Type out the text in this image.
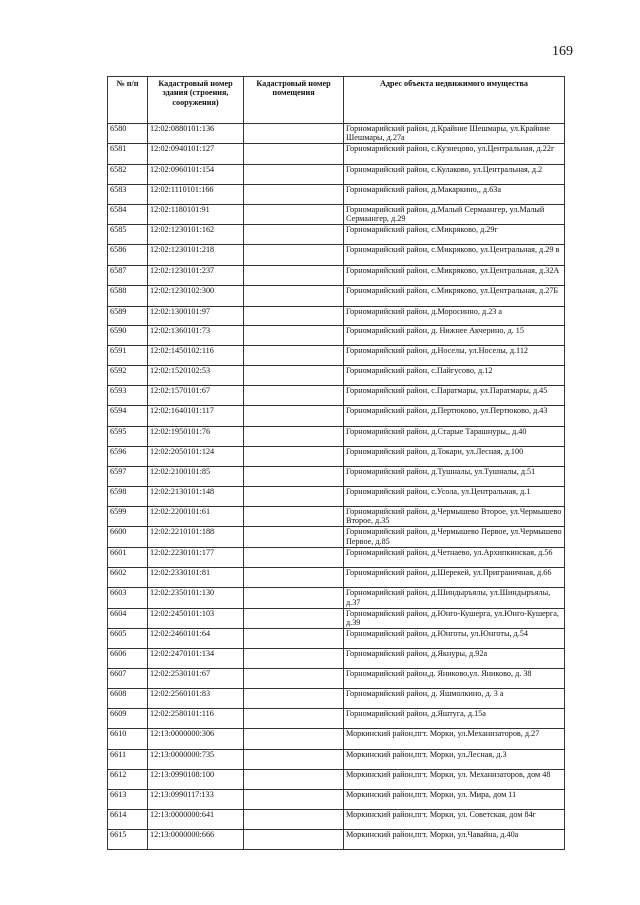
169
№ п/п	Кадастровый номер здания (строения, сооружения)	Кадастровый номер помещения	Адрес объекта недвижимого имущества
6580	12:02:0880101:136		Горномарийский район, д.Крайние Шешмары, ул.Крайние Шешмары, д.27а
6581	12:02:0940101:127		Горномарийский район, с.Кузнецово, ул.Центральная, д.22г
6582	12:02:0960101:154		Горномарийский район, с.Кулаково, ул.Центральная, д.2
6583	12:02:1110101:166		Горномарийский район, д.Макаркино,, д.63а
6584	12:02:1180101:91		Горномарийский район, д.Малый Сермаангер, ул.Малый Сермаангер, д.29
6585	12:02:1230101:162		Горномарийский район, с.Микряково, д.29г
6586	12:02:1230101:218		Горномарийский район, с.Микряково, ул.Центральная, д.29 в
6587	12:02:1230101:237		Горномарийский район, с.Микряково, ул.Центральная, д.32А
6588	12:02:1230102:300		Горномарийский район, с.Микряково, ул.Центральная, д.27Б
6589	12:02:1300101:97		Горномарийский район, д.Моросинно, д.23 а
6590	12:02:1360101:73		Горномарийский район, д. Нижнее Акчерино, д. 15
6591	12:02:1450102:116		Горномарийский район, д.Носелы, ул.Носелы, д.112
6592	12:02:1520102:53		Горномарийский район, с.Пайгусово, д.12
6593	12:02:1570101:67		Горномарийский район, с.Паратмары, ул.Паратмары, д.45
6594	12:02:1640101:117		Горномарийский район, д.Пертюково, ул.Пертюково, д.43
6595	12:02:1950101:76		Горномарийский район, д.Старые Тарашнуры,, д.40
6596	12:02:2050101:124		Горномарийский район, д.Токари, ул.Лесная, д.100
6597	12:02:2100101:85		Горномарийский район, д.Тушналы, ул.Тушналы, д.51
6598	12:02:2130101:148		Горномарийский район, с.Усола, ул.Центральная, д.1
6599	12:02:2200101:61		Горномарийский район, д.Чермышево Второе, ул.Чермышево Второе, д.35
6600	12:02:2210101:188		Горномарийский район, д.Чермышево Первое, ул.Чермышево Первое, д.85
6601	12:02:2230101:177		Горномарийский район, д.Четнаево, ул.Архипкинская, д.56
6602	12:02:2330101:81		Горномарийский район, д.Шерекей, ул.Приграничная, д.66
6603	12:02:2350101:130		Горномарийский район, д.Шиндыръялы, ул.Шиндыръялы, д.37
6604	12:02:2450101:103		Горномарийский район, д.Юнго-Кушерга, ул.Юнго-Кушерга, д.39
6605	12:02:2460101:64		Горномарийский район, д.Юнготы, ул.Юнготы, д.54
6606	12:02:2470101:134		Горномарийский район, д.Якнуры, д.92а
6607	12:02:2530101:67		Горномарийский район,д. Яниково,ул. Яниково, д. 38
6608	12:02:2560101:83		Горномарийский район, д. Яшмолкино, д. 3 а
6609	12:02:2580101:116		Горномарийский район, д.Яштуга, д.15а
6610	12:13:0000000:306		Моркинский район,пгт. Морки, ул.Механизаторов, д.27
6611	12:13:0000000:735		Моркинский район,пгт. Морки, ул.Лесная, д.3
6612	12:13:0990108:100		Моркинский район,пгт. Морки, ул. Механизаторов, дом 48
6613	12:13:0990117:133		Моркинский район,пгт. Морки, ул. Мира, дом 11
6614	12:13:0000000:641		Моркинский район,пгт. Морки, ул. Советская, дом 84г
6615	12:13:0000000:666		Моркинский район,пгт. Морки, ул.Чавайна, д.40а
